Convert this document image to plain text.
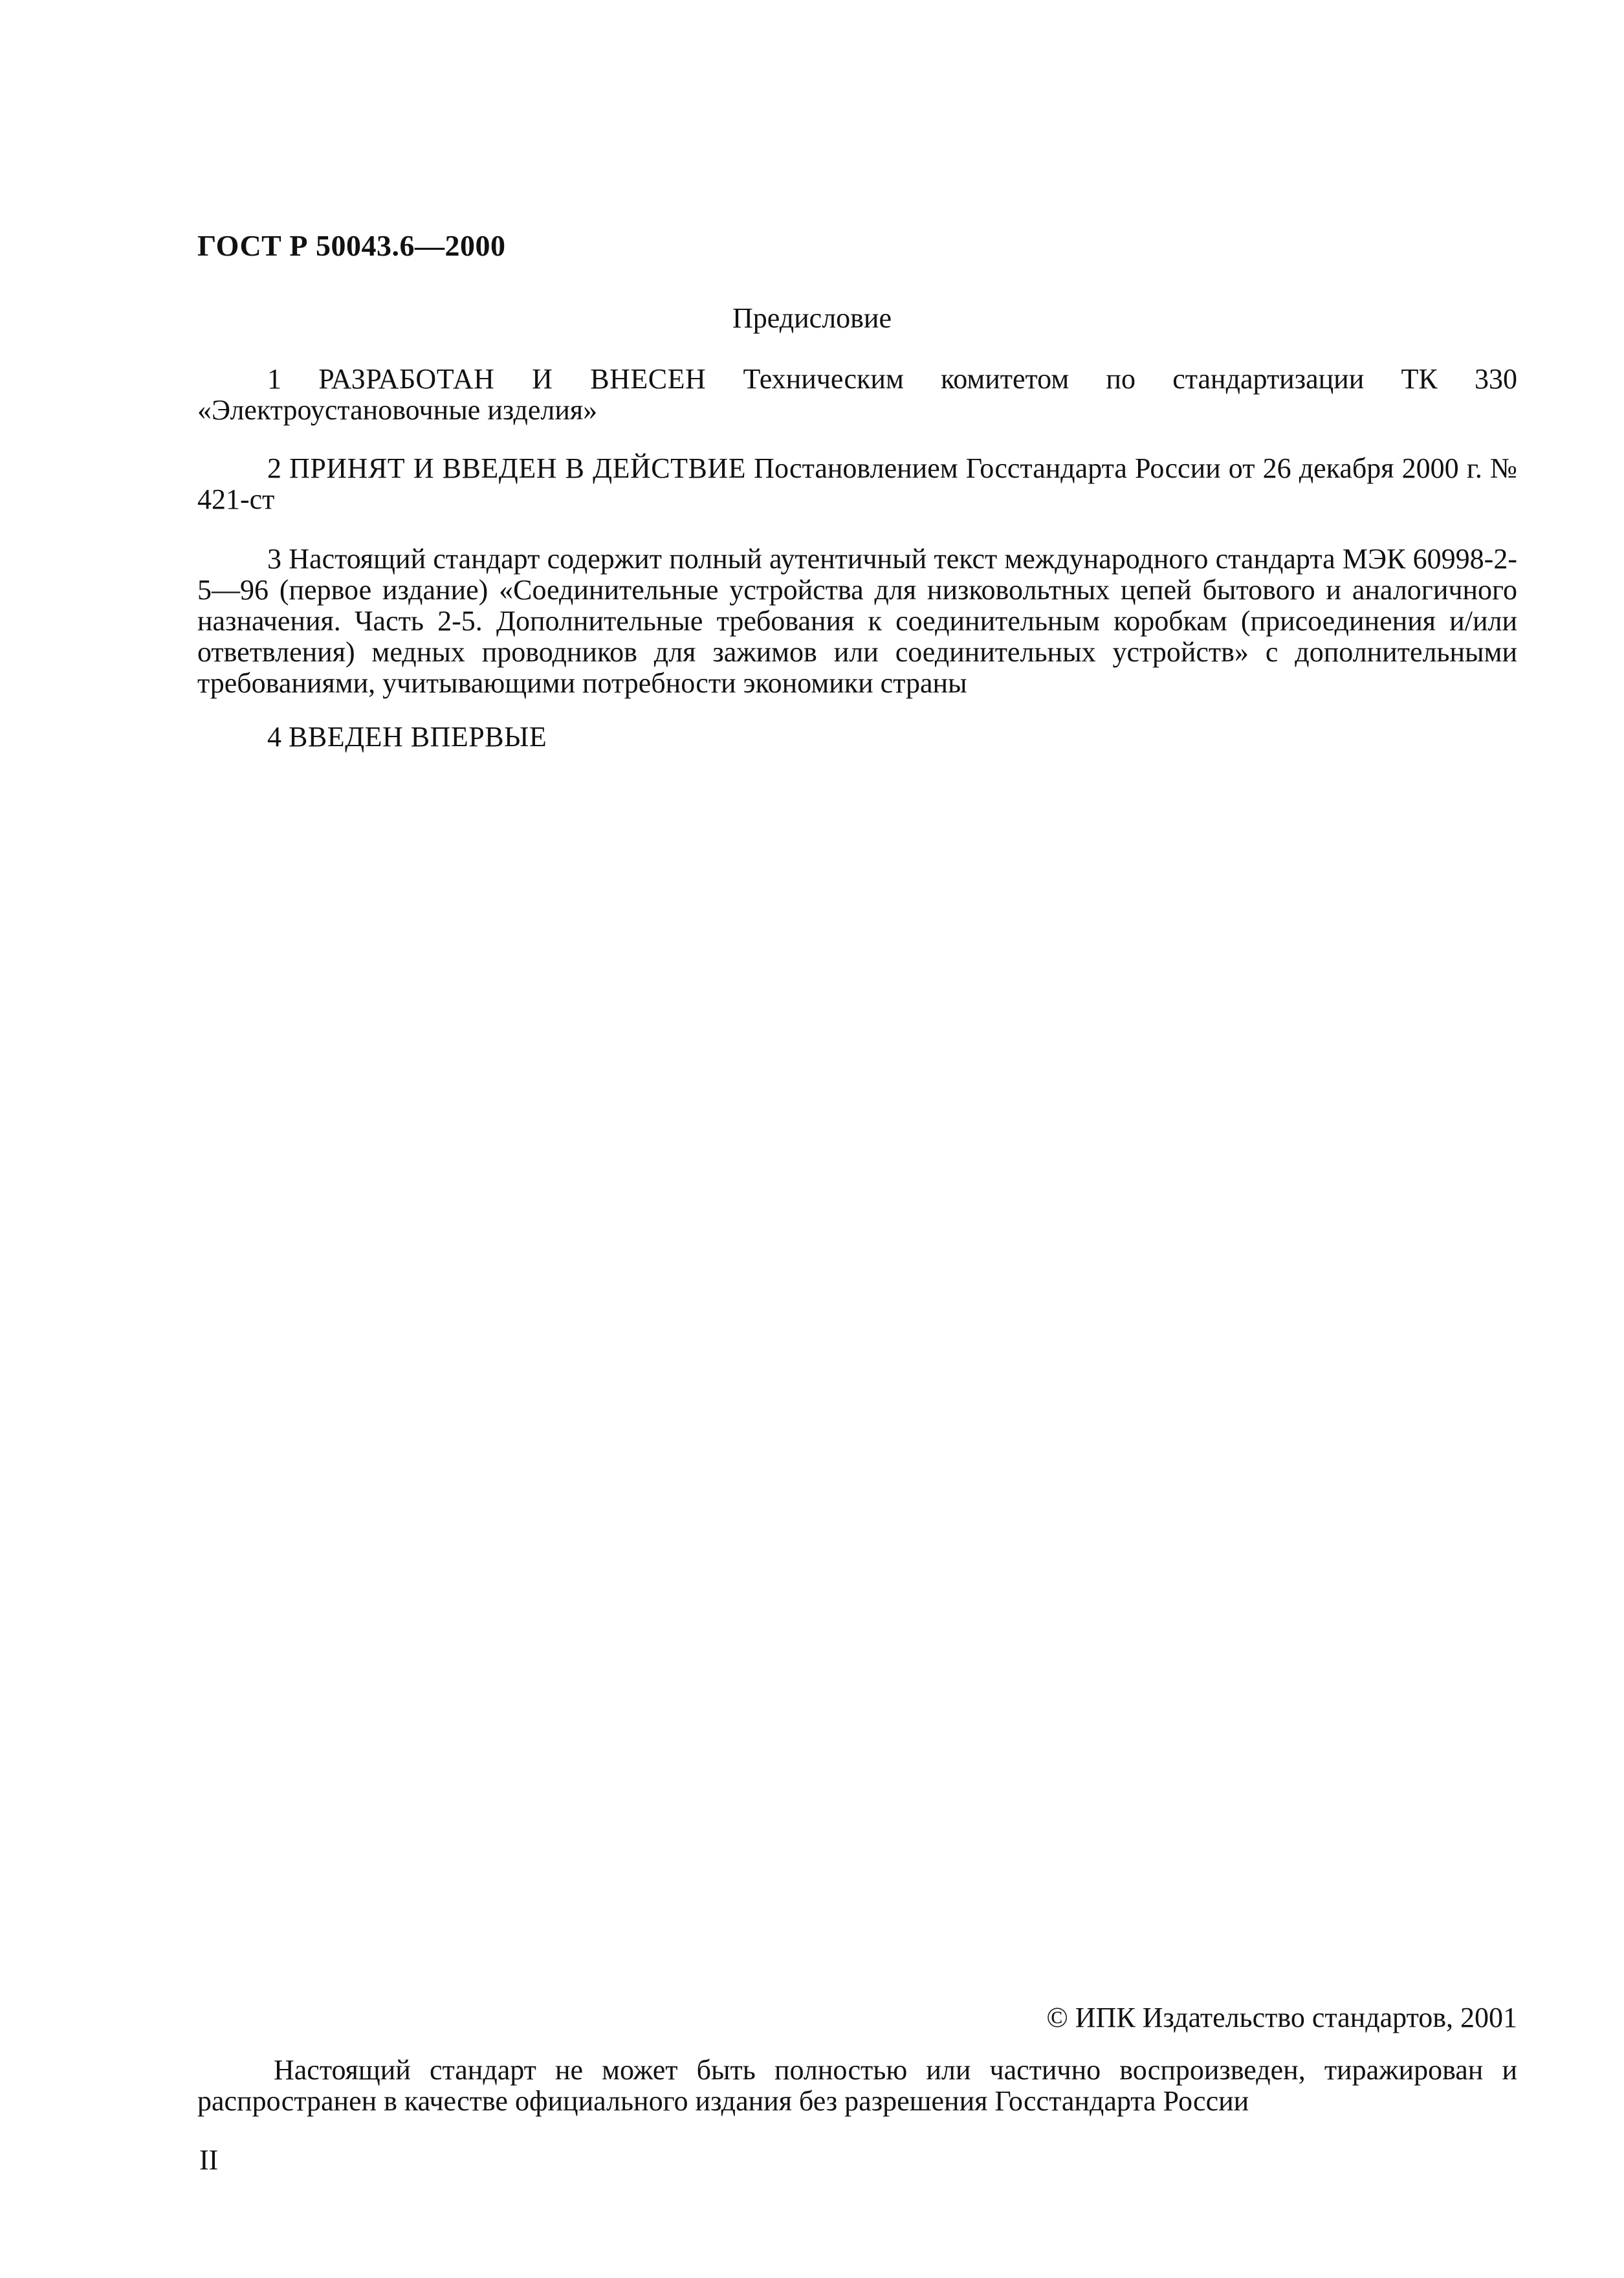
ГОСТ Р 50043.6—2000
Предисловие

1 РАЗРАБОТАН И ВНЕСЕН Техническим комитетом по стандартизации ТК 330 «Электроустановочные изделия»

2 ПРИНЯТ И ВВЕДЕН В ДЕЙСТВИЕ Постановлением Госстандарта России от 26 декабря 2000 г. № 421-ст

3 Настоящий стандарт содержит полный аутентичный текст международного стандарта МЭК 60998-2-5—96 (первое издание) «Соединительные устройства для низковольтных цепей бытового и аналогичного назначения. Часть 2-5. Дополнительные требования к соединительным коробкам (присоединения и/или ответвления) медных проводников для зажимов или соединительных устройств» с дополнительными требованиями, учитывающими потребности экономики страны

4 ВВЕДЕН ВПЕРВЫЕ

© ИПК Издательство стандартов, 2001

Настоящий стандарт не может быть полностью или частично воспроизведен, тиражирован и распространен в качестве официального издания без разрешения Госстандарта России

II
